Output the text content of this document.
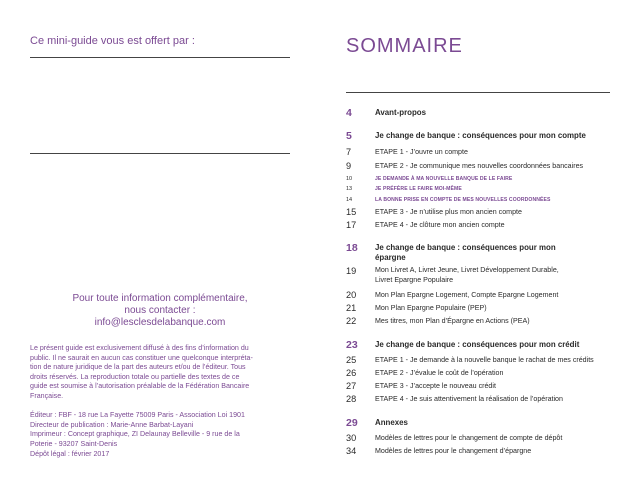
Ce mini-guide vous est offert par :
Pour toute information complémentaire,
nous contacter :
info@lesclesdelabanque.com
Le présent guide est exclusivement diffusé à des fins d’information du
public. Il ne saurait en aucun cas constituer une quelconque interpréta-
tion de nature juridique de la part des auteurs et/ou de l’éditeur. Tous
droits réservés. La reproduction totale ou partielle des textes de ce
guide est soumise à l’autorisation préalable de la Fédération Bancaire
Française.
Éditeur : FBF - 18 rue La Fayette 75009 Paris - Association Loi 1901
Directeur de publication : Marie-Anne Barbat-Layani
Imprimeur : Concept graphique, ZI Delaunay Belleville - 9 rue de la
Poterie - 93207 Saint-Denis
Dépôt légal : février 2017
SOMMAIRE
4	Avant-propos
5	Je change de banque : conséquences pour mon compte
7	ETAPE 1 - J’ouvre un compte
9	ETAPE 2 - Je communique mes nouvelles coordonnées bancaires
10	JE DEMANDE À MA NOUVELLE BANQUE DE LE FAIRE
13	JE PRÉFÈRE LE FAIRE MOI-MÊME
14	LA BONNE PRISE EN COMPTE DE MES NOUVELLES COORDONNÉES
15	ETAPE 3 - Je n’utilise plus mon ancien compte
17	ETAPE 4 - Je clôture mon ancien compte
18	Je change de banque : conséquences pour mon
épargne
19	Mon Livret A, Livret Jeune, Livret Développement Durable,
Livret Epargne Populaire
20	Mon Plan Epargne Logement, Compte Epargne Logement
21	Mon Plan Epargne Populaire (PEP)
22	Mes titres, mon Plan d’Épargne en Actions (PEA)
23	Je change de banque : conséquences pour mon crédit
25	ETAPE 1 - Je demande à la nouvelle banque le rachat de mes crédits
26	ETAPE 2 - J’évalue le coût de l’opération
27	ETAPE 3 - J’accepte le nouveau crédit
28	ETAPE 4 - Je suis attentivement la réalisation de l’opération
29	Annexes
30	Modèles de lettres pour le changement de compte de dépôt
34	Modèles de lettres pour le changement d’épargne
